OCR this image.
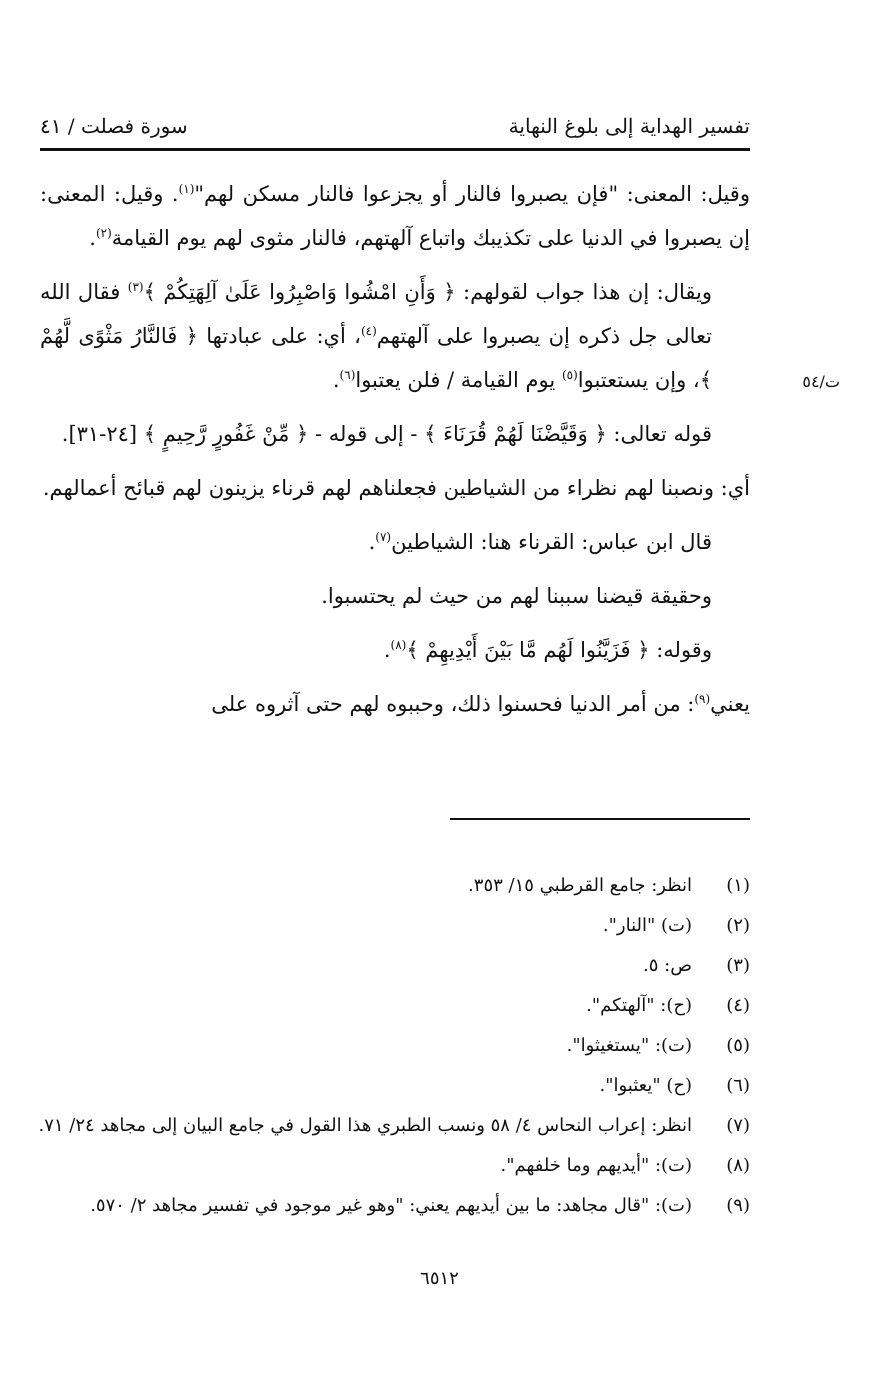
تفسير الهداية إلى بلوغ النهاية
سورة فصلت / ٤١
ت/٥٤

وقيل: المعنى: "فإن يصبروا فالنار أو يجزعوا فالنار مسكن لهم"$^{(١)}$. وقيل: المعنى: إن يصبروا في الدنيا على تكذيبك واتباع آلهتهم، فالنار مثوى لهم يوم القيامة$^{(٢)}$.

ويقال: إن هذا جواب لقولهم: ﴿ وَأَنِ امْشُوا وَاصْبِرُوا عَلَىٰ آلِهَتِكُمْ ﴾$^{(٣)}$ فقال الله تعالى جل ذكره إن يصبروا على آلهتهم$^{(٤)}$، أي: على عبادتها ﴿ فَالنَّارُ مَثْوًى لَّهُمْ ﴾، وإن يستعتبوا$^{(٥)}$ يوم القيامة / فلن يعتبوا$^{(٦)}$.

قوله تعالى: ﴿ وَقَيَّضْنَا لَهُمْ قُرَنَاءَ ﴾ - إلى قوله - ﴿ مِّنْ غَفُورٍ رَّحِيمٍ ﴾ [٢٤-٣١].

أي: ونصبنا لهم نظراء من الشياطين فجعلناهم لهم قرناء يزينون لهم قبائح أعمالهم.

قال ابن عباس: القرناء هنا: الشياطين$^{(٧)}$.

وحقيقة قيضنا سببنا لهم من حيث لم يحتسبوا.

وقوله: ﴿ فَزَيَّنُوا لَهُم مَّا بَيْنَ أَيْدِيهِمْ ﴾$^{(٨)}$.

يعني$^{(٩)}$: من أمر الدنيا فحسنوا ذلك، وحببوه لهم حتى آثروه على

(١)
انظر: جامع القرطبي ١٥/ ٣٥٣.
(٢)
(ت) "النار".
(٣)
ص: ٥.
(٤)
(ح): "آلهتكم".
(٥)
(ت): "يستغيثوا".
(٦)
(ح) "يعثبوا".
(٧)
انظر: إعراب النحاس ٤/ ٥٨ ونسب الطبري هذا القول في جامع البيان إلى مجاهد ٢٤/ ٧١.
(٨)
(ت): "أيديهم وما خلفهم".
(٩)
(ت): "قال مجاهد: ما بين أيديهم يعني: "وهو غير موجود في تفسير مجاهد ٢/ ٥٧٠.
٦٥١٢
